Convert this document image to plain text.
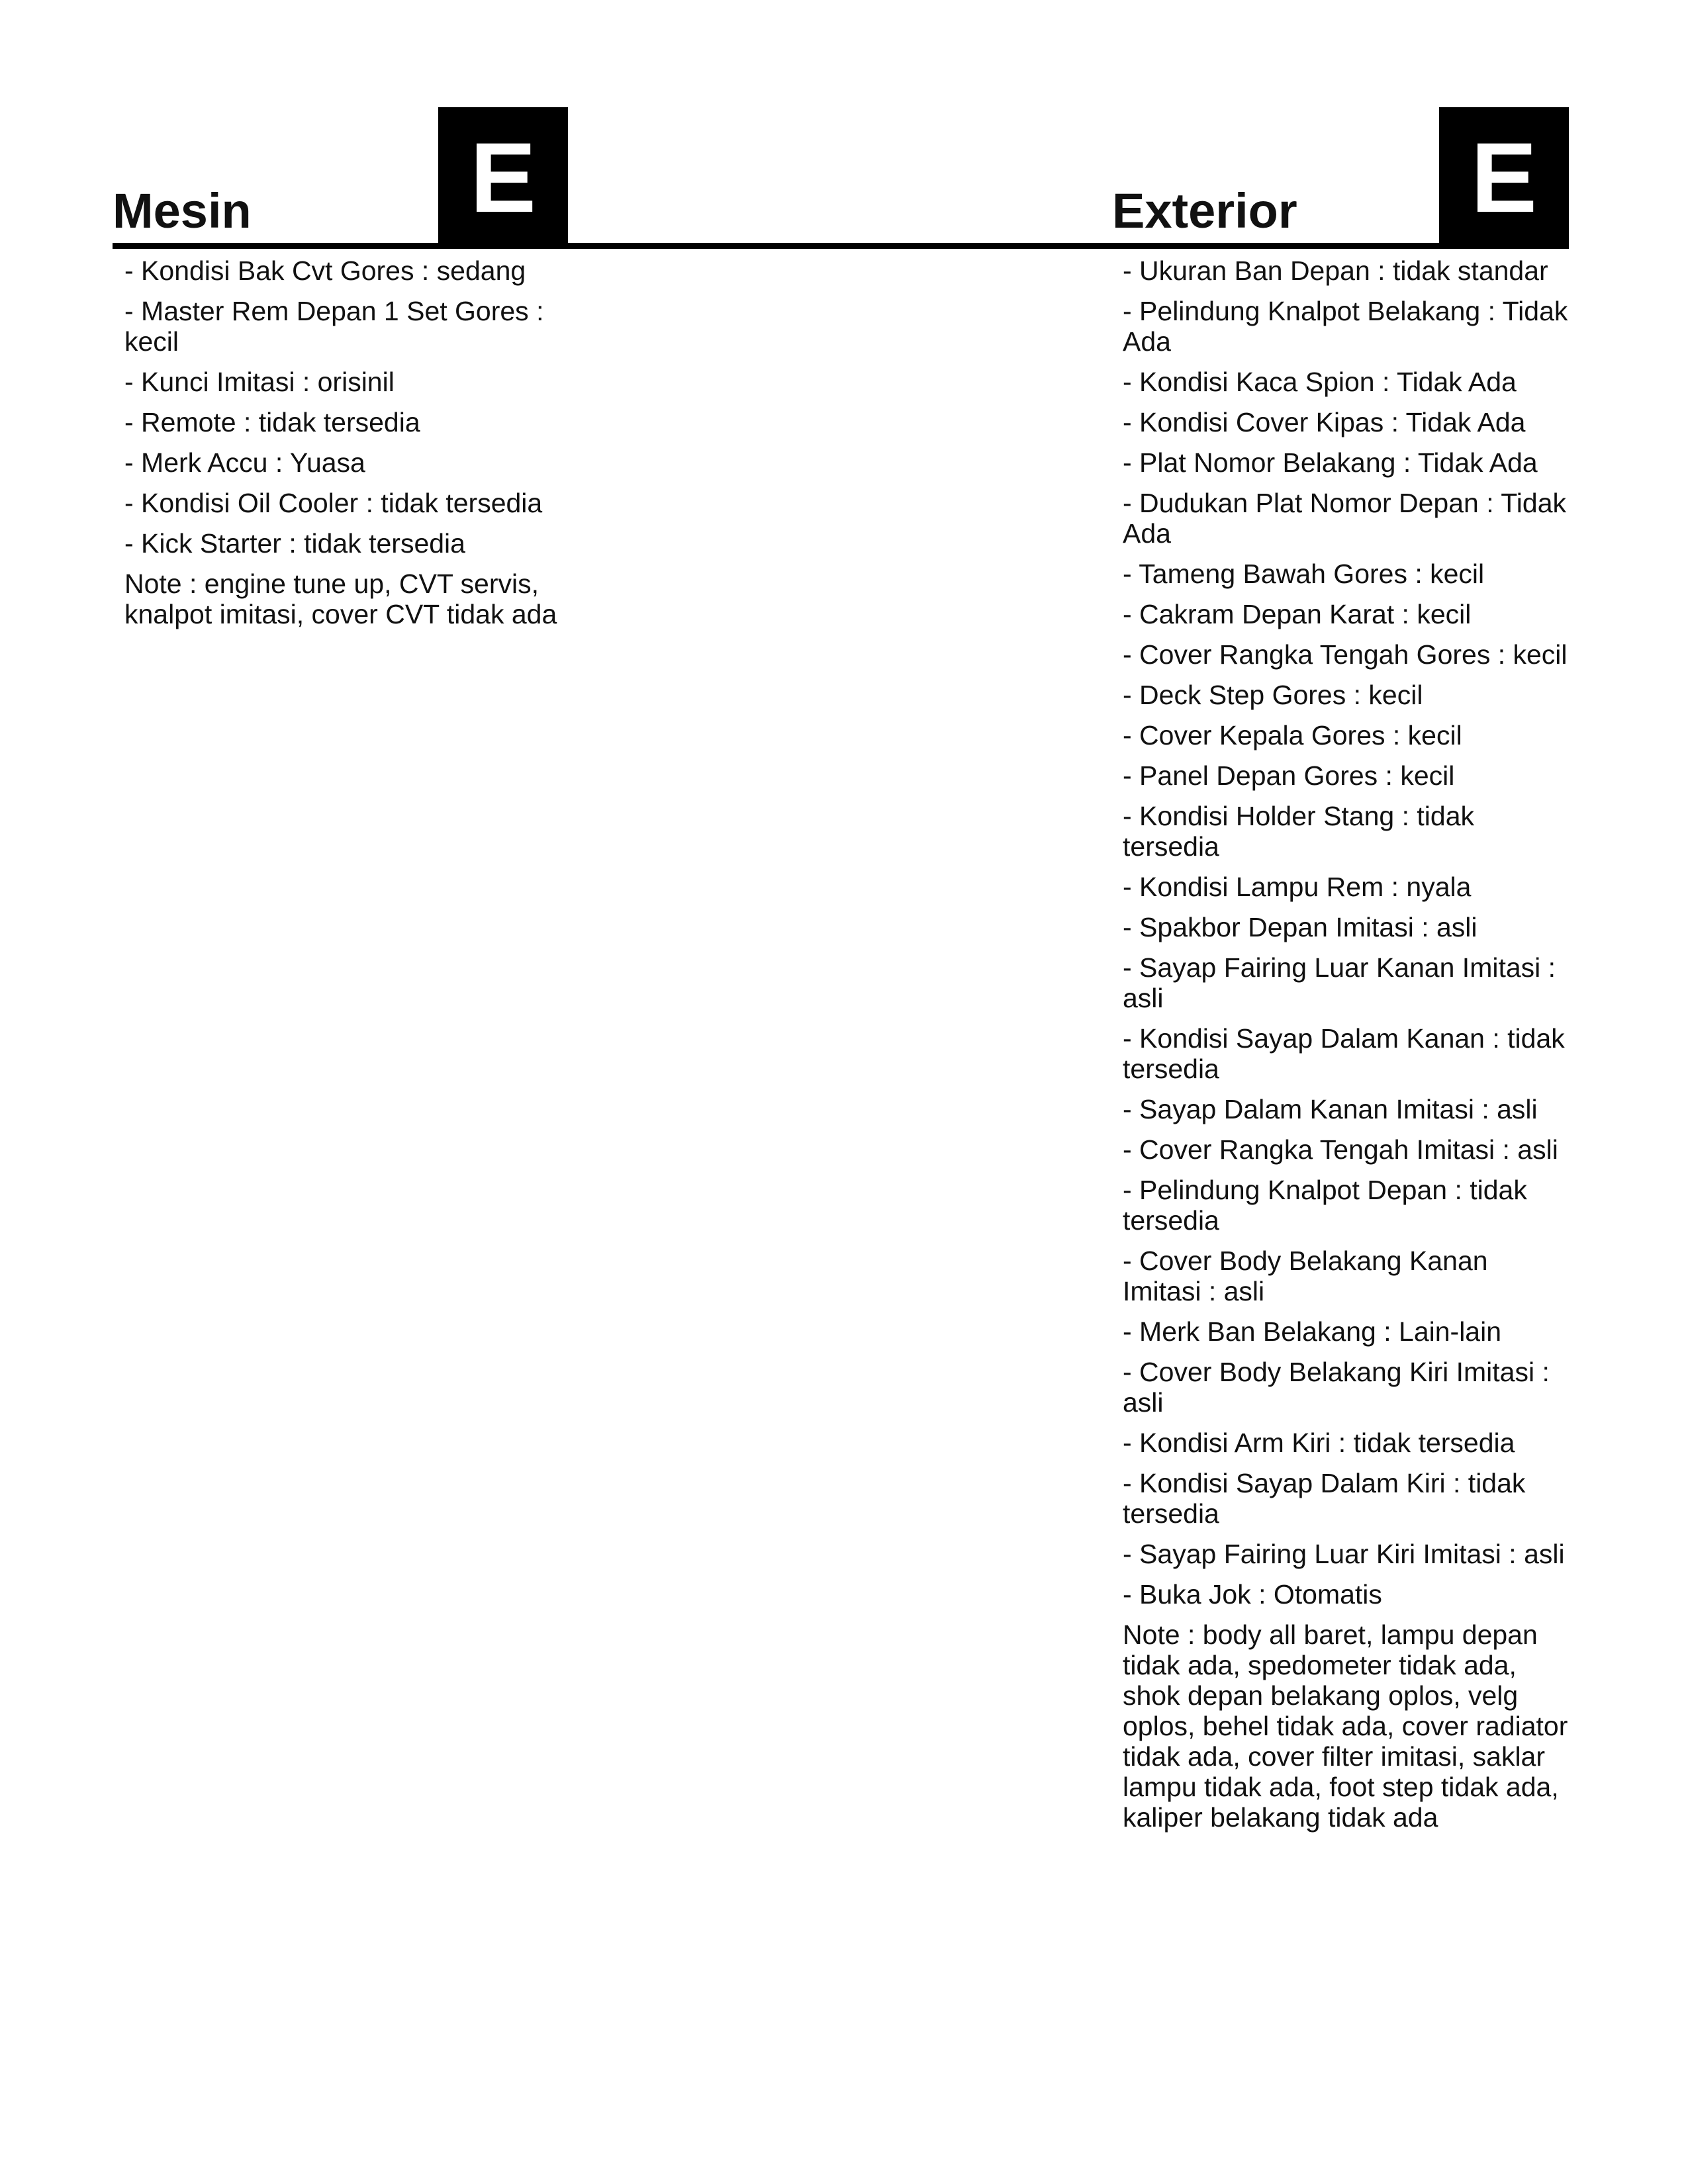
Mesin	E
- Kondisi Bak Cvt Gores : sedang
- Master Rem Depan 1 Set Gores : kecil
- Kunci Imitasi : orisinil
- Remote : tidak tersedia
- Merk Accu : Yuasa
- Kondisi Oil Cooler : tidak tersedia
- Kick Starter : tidak tersedia

Note : engine tune up, CVT servis, knalpot imitasi, cover CVT tidak ada

Exterior	E
- Ukuran Ban Depan : tidak standar
- Pelindung Knalpot Belakang : Tidak Ada
- Kondisi Kaca Spion : Tidak Ada
- Kondisi Cover Kipas : Tidak Ada
- Plat Nomor Belakang : Tidak Ada
- Dudukan Plat Nomor Depan : Tidak Ada
- Tameng Bawah Gores : kecil
- Cakram Depan Karat : kecil
- Cover Rangka Tengah Gores : kecil
- Deck Step Gores : kecil
- Cover Kepala Gores : kecil
- Panel Depan Gores : kecil
- Kondisi Holder Stang : tidak tersedia
- Kondisi Lampu Rem : nyala
- Spakbor Depan Imitasi : asli
- Sayap Fairing Luar Kanan Imitasi : asli
- Kondisi Sayap Dalam Kanan : tidak tersedia
- Sayap Dalam Kanan Imitasi : asli
- Cover Rangka Tengah Imitasi : asli
- Pelindung Knalpot Depan : tidak tersedia
- Cover Body Belakang Kanan Imitasi : asli
- Merk Ban Belakang : Lain-lain
- Cover Body Belakang Kiri Imitasi : asli
- Kondisi Arm Kiri : tidak tersedia
- Kondisi Sayap Dalam Kiri : tidak tersedia
- Sayap Fairing Luar Kiri Imitasi : asli
- Buka Jok : Otomatis

Note : body all baret, lampu depan tidak ada, spedometer tidak ada, shok depan belakang oplos, velg oplos, behel tidak ada, cover radiator tidak ada, cover filter imitasi, saklar lampu tidak ada, foot step tidak ada, kaliper belakang tidak ada
